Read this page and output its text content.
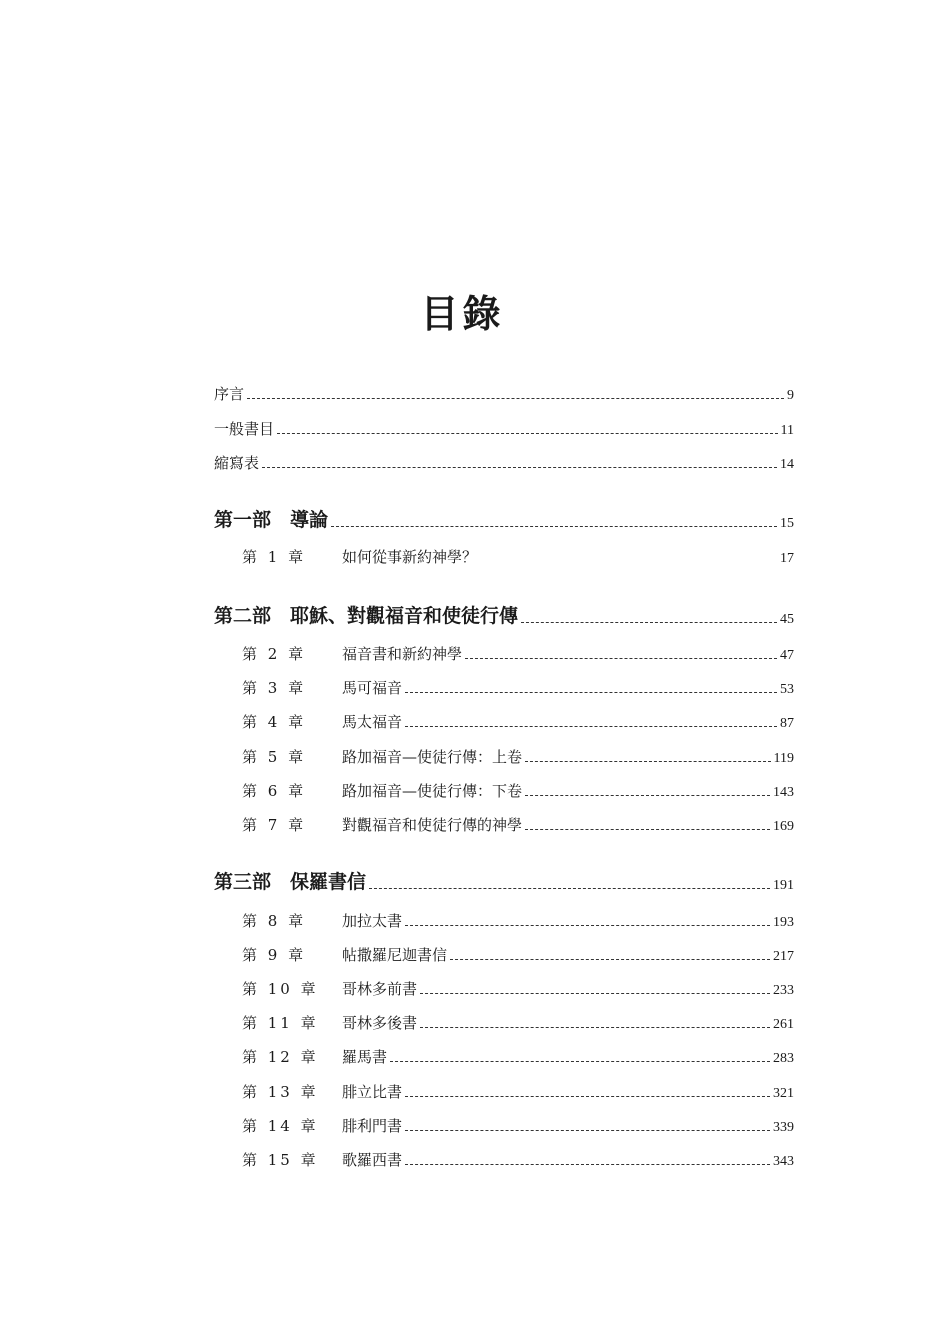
目錄
序言	9
一般書目	11
縮寫表	14
第一部　導論	15
第 1 章	如何從事新約神學？	17
第二部　耶穌、對觀福音和使徒行傳	45
第 2 章	福音書和新約神學	47
第 3 章	馬可福音	53
第 4 章	馬太福音	87
第 5 章	路加福音—使徒行傳：上卷	119
第 6 章	路加福音—使徒行傳：下卷	143
第 7 章	對觀福音和使徒行傳的神學	169
第三部　保羅書信	191
第 8 章	加拉太書	193
第 9 章	帖撒羅尼迦書信	217
第 10 章	哥林多前書	233
第 11 章	哥林多後書	261
第 12 章	羅馬書	283
第 13 章	腓立比書	321
第 14 章	腓利門書	339
第 15 章	歌羅西書	343
